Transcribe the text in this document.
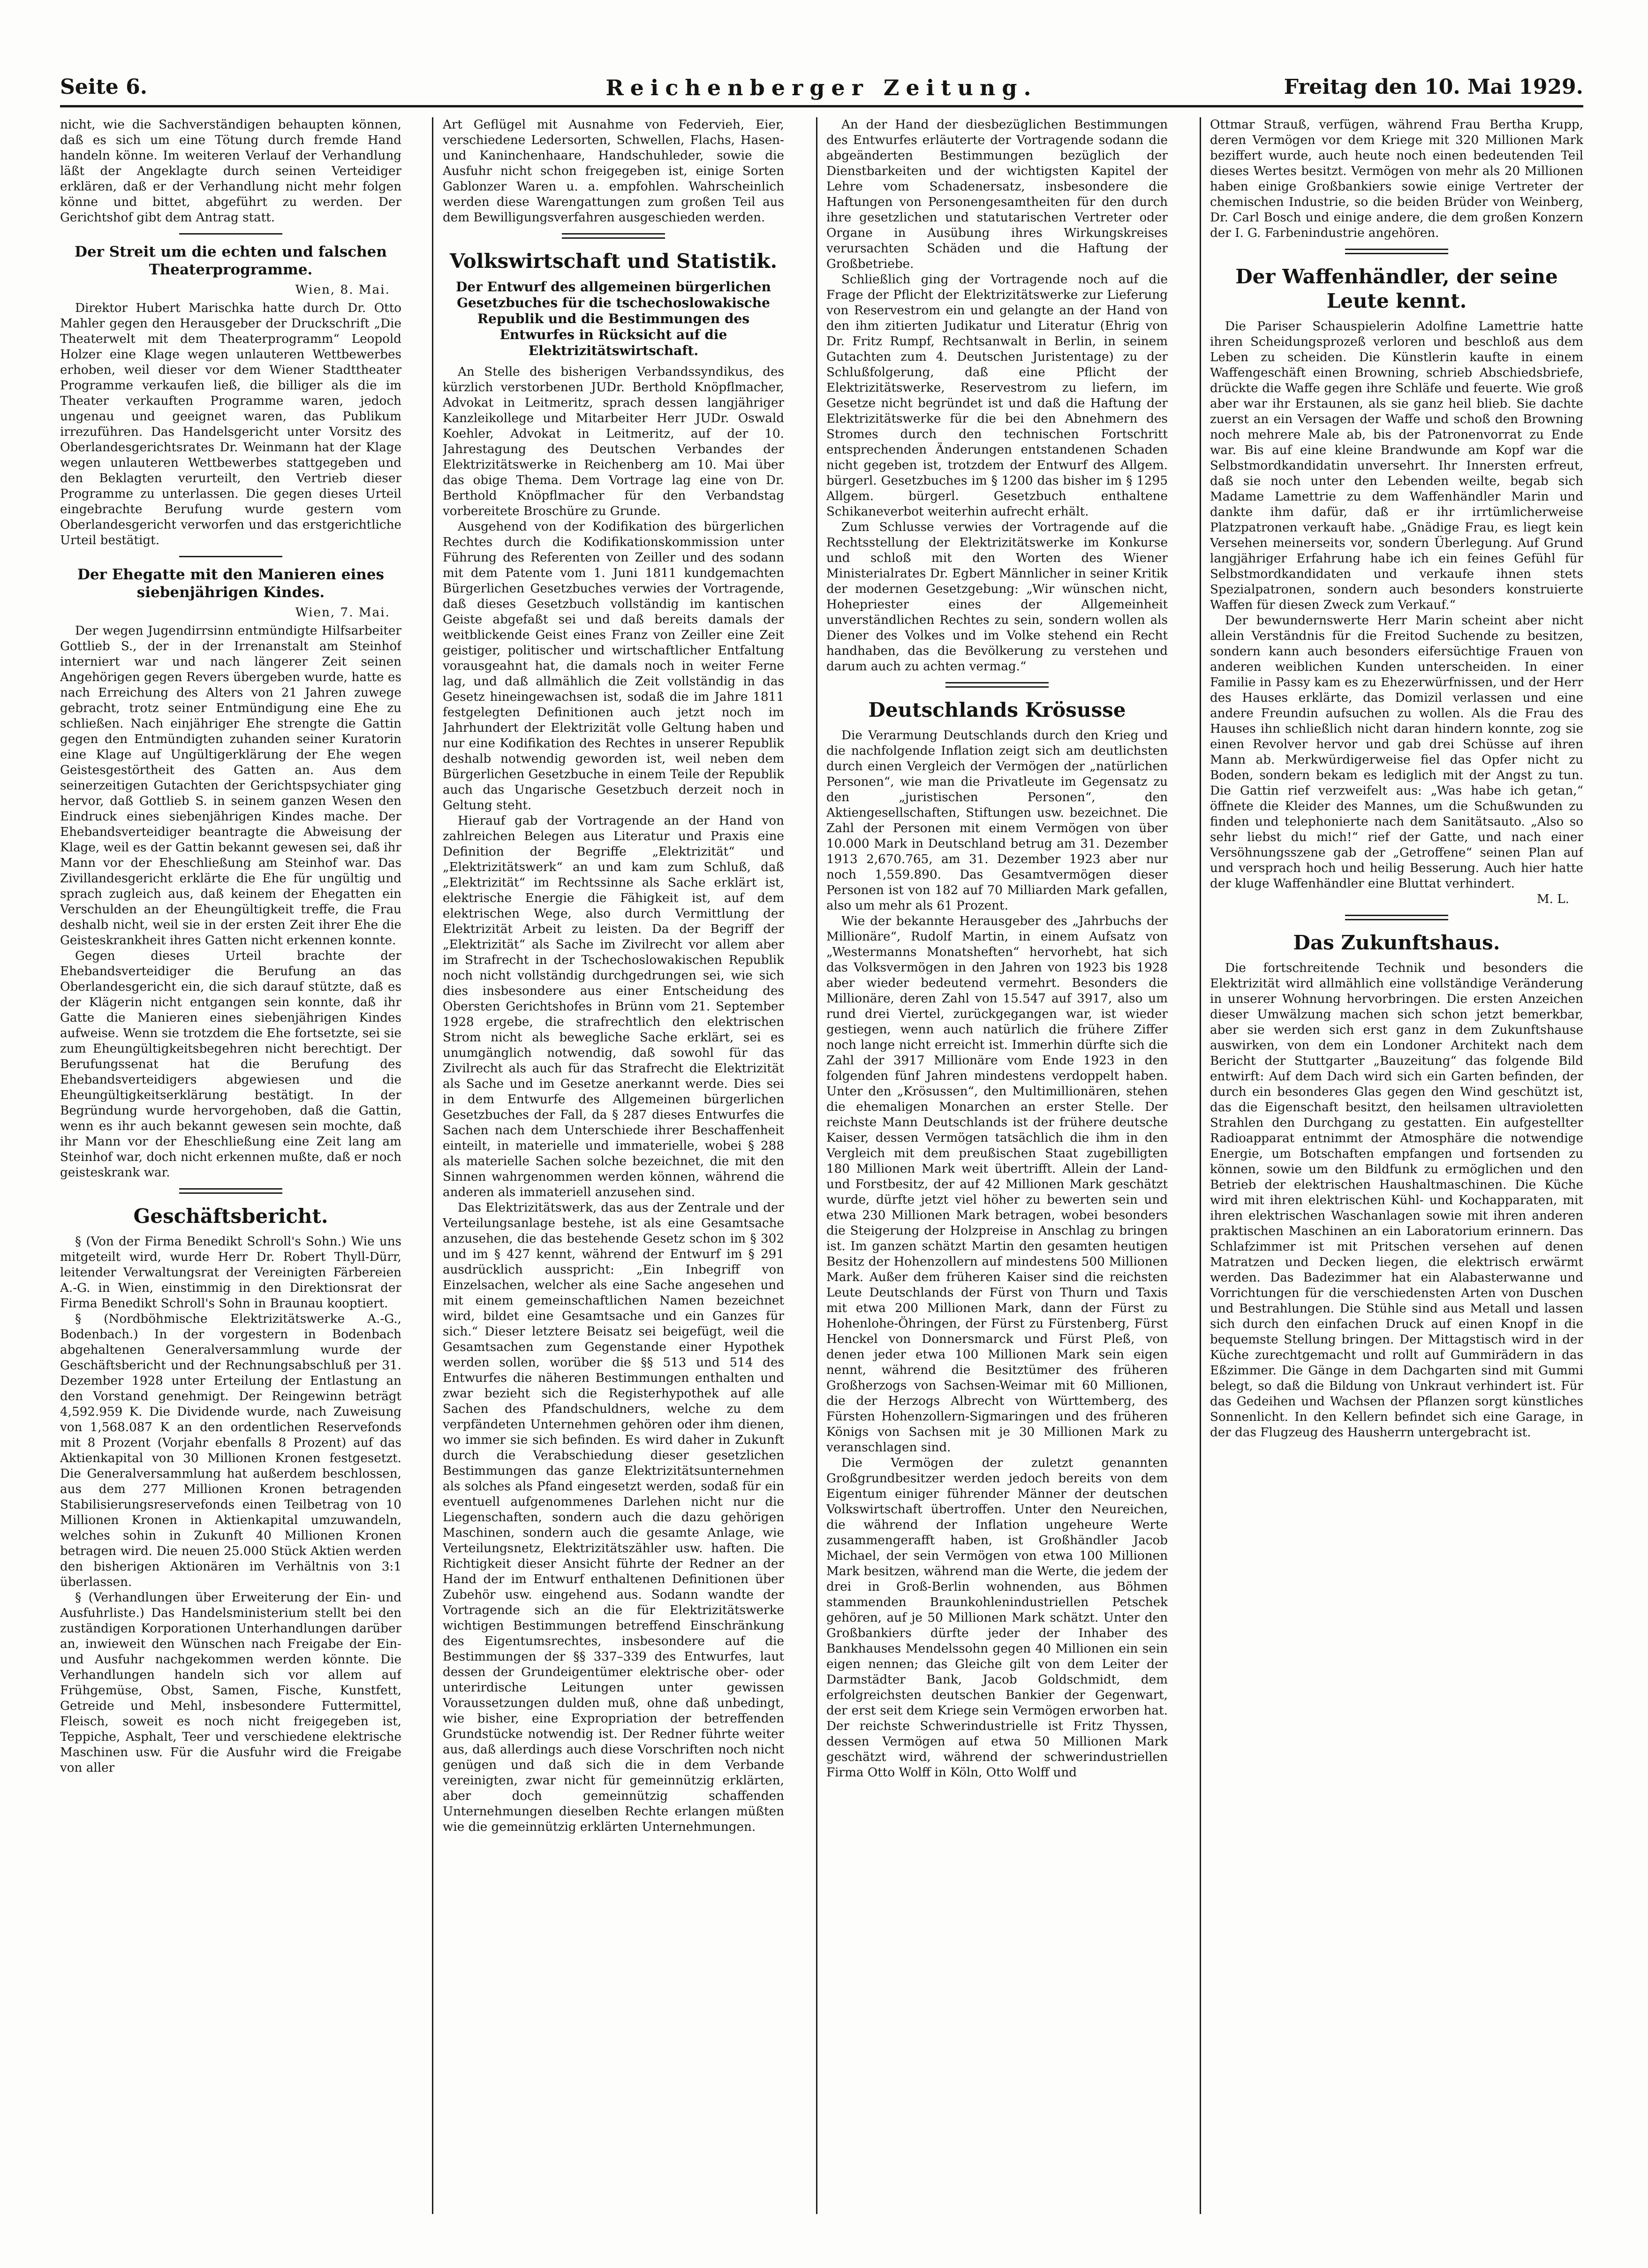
Seite 6.	Reichenberger Zeitung.	Freitag den 10. Mai 1929.

nicht, wie die Sachverständigen behaupten können, daß es sich um eine Tötung durch fremde Hand handeln könne. Im weiteren Verlauf der Verhandlung läßt der Angeklagte durch seinen Verteidiger erklären, daß er der Verhandlung nicht mehr folgen könne und bittet, abgeführt zu werden. Der Gerichtshof gibt dem Antrag statt.

Der Streit um die echten und falschen Theaterprogramme.
Wien, 8. Mai.

Direktor Hubert Marischka hatte durch Dr. Otto Mahler gegen den Herausgeber der Druckschrift „Die Theaterwelt mit dem Theaterprogramm“ Leopold Holzer eine Klage wegen unlauteren Wettbewerbes erhoben, weil dieser vor dem Wiener Stadttheater Programme verkaufen ließ, die billiger als die im Theater verkauften Programme waren, jedoch ungenau und geeignet waren, das Publikum irrezuführen. Das Handelsgericht unter Vorsitz des Oberlandesgerichtsrates Dr. Weinmann hat der Klage wegen unlauteren Wettbewerbes stattgegeben und den Beklagten verurteilt, den Vertrieb dieser Programme zu unterlassen. Die gegen dieses Urteil eingebrachte Berufung wurde gestern vom Oberlandesgericht verworfen und das erstgerichtliche Urteil bestätigt.

Der Ehegatte mit den Manieren eines siebenjährigen Kindes.
Wien, 7. Mai.

Der wegen Jugendirrsinn entmündigte Hilfsarbeiter Gottlieb S., der in der Irrenanstalt am Steinhof interniert war und nach längerer Zeit seinen Angehörigen gegen Revers übergeben wurde, hatte es nach Erreichung des Alters von 21 Jahren zuwege gebracht, trotz seiner Entmündigung eine Ehe zu schließen. Nach einjähriger Ehe strengte die Gattin gegen den Entmündigten zuhanden seiner Kuratorin eine Klage auf Ungültigerklärung der Ehe wegen Geistesgestörtheit des Gatten an. Aus dem seinerzeitigen Gutachten der Gerichtspsychiater ging hervor, daß Gottlieb S. in seinem ganzen Wesen den Eindruck eines siebenjährigen Kindes mache. Der Ehebandsverteidiger beantragte die Abweisung der Klage, weil es der Gattin bekannt gewesen sei, daß ihr Mann vor der Eheschließung am Steinhof war. Das Zivillandesgericht erklärte die Ehe für ungültig und sprach zugleich aus, daß keinem der Ehegatten ein Verschulden an der Eheungültigkeit treffe, die Frau deshalb nicht, weil sie in der ersten Zeit ihrer Ehe die Geisteskrankheit ihres Gatten nicht erkennen konnte.

Gegen dieses Urteil brachte der Ehebandsverteidiger die Berufung an das Oberlandesgericht ein, die sich darauf stützte, daß es der Klägerin nicht entgangen sein konnte, daß ihr Gatte die Manieren eines siebenjährigen Kindes aufweise. Wenn sie trotzdem die Ehe fortsetzte, sei sie zum Eheungültigkeitsbegehren nicht berechtigt. Der Berufungssenat hat die Berufung des Ehebandsverteidigers abgewiesen und die Eheungültigkeitserklärung bestätigt. In der Begründung wurde hervorgehoben, daß die Gattin, wenn es ihr auch bekannt gewesen sein mochte, daß ihr Mann vor der Eheschließung eine Zeit lang am Steinhof war, doch nicht erkennen mußte, daß er noch geisteskrank war.

Geschäftsbericht.

§ (Von der Firma Benedikt Schroll's Sohn.) Wie uns mitgeteilt wird, wurde Herr Dr. Robert Thyll-Dürr, leitender Verwaltungsrat der Vereinigten Färbereien A.-G. in Wien, einstimmig in den Direktionsrat der Firma Benedikt Schroll's Sohn in Braunau kooptiert.

§ (Nordböhmische Elektrizitätswerke A.-G., Bodenbach.) In der vorgestern in Bodenbach abgehaltenen Generalversammlung wurde der Geschäftsbericht und der Rechnungsabschluß per 31. Dezember 1928 unter Erteilung der Entlastung an den Vorstand genehmigt. Der Reingewinn beträgt 4,592.959 K. Die Dividende wurde, nach Zuweisung von 1,568.087 K an den ordentlichen Reservefonds mit 8 Prozent (Vorjahr ebenfalls 8 Prozent) auf das Aktienkapital von 30 Millionen Kronen festgesetzt. Die Generalversammlung hat außerdem beschlossen, aus dem 277 Millionen Kronen betragenden Stabilisierungsreservefonds einen Teilbetrag von 10 Millionen Kronen in Aktienkapital umzuwandeln, welches sohin in Zukunft 40 Millionen Kronen betragen wird. Die neuen 25.000 Stück Aktien werden den bisherigen Aktionären im Verhältnis von 3:1 überlassen.

§ (Verhandlungen über Erweiterung der Ein- und Ausfuhrliste.) Das Handelsministerium stellt bei den zuständigen Korporationen Unterhandlungen darüber an, inwieweit den Wünschen nach Freigabe der Ein- und Ausfuhr nachgekommen werden könnte. Die Verhandlungen handeln sich vor allem auf Frühgemüse, Obst, Samen, Fische, Kunstfett, Getreide und Mehl, insbesondere Futtermittel, Fleisch, soweit es noch nicht freigegeben ist, Teppiche, Asphalt, Teer und verschiedene elektrische Maschinen usw. Für die Ausfuhr wird die Freigabe von aller

Art Geflügel mit Ausnahme von Federvieh, Eier, verschiedene Ledersorten, Schwellen, Flachs, Hasen- und Kaninchenhaare, Handschuhleder, sowie die Ausfuhr nicht schon freigegeben ist, einige Sorten Gablonzer Waren u. a. empfohlen. Wahrscheinlich werden diese Warengattungen zum großen Teil aus dem Bewilligungsverfahren ausgeschieden werden.

Volkswirtschaft und Statistik.
Der Entwurf des allgemeinen bürgerlichen Gesetzbuches für die tschechoslowakische Republik und die Bestimmungen des Entwurfes in Rücksicht auf die Elektrizitätswirtschaft.

An Stelle des bisherigen Verbandssyndikus, des kürzlich verstorbenen JUDr. Berthold Knöpflmacher, Advokat in Leitmeritz, sprach dessen langjähriger Kanzleikollege und Mitarbeiter Herr JUDr. Oswald Koehler, Advokat in Leitmeritz, auf der 10. Jahrestagung des Deutschen Verbandes der Elektrizitätswerke in Reichenberg am 10. Mai über das obige Thema. Dem Vortrage lag eine von Dr. Berthold Knöpflmacher für den Verbandstag vorbereitete Broschüre zu Grunde.

Ausgehend von der Kodifikation des bürgerlichen Rechtes durch die Kodifikationskommission unter Führung des Referenten von Zeiller und des sodann mit dem Patente vom 1. Juni 1811 kundgemachten Bürgerlichen Gesetzbuches verwies der Vortragende, daß dieses Gesetzbuch vollständig im kantischen Geiste abgefaßt sei und daß bereits damals der weitblickende Geist eines Franz von Zeiller eine Zeit geistiger, politischer und wirtschaftlicher Entfaltung vorausgeahnt hat, die damals noch in weiter Ferne lag, und daß allmählich die Zeit vollständig in das Gesetz hineingewachsen ist, sodaß die im Jahre 1811 festgelegten Definitionen auch jetzt noch im Jahrhundert der Elektrizität volle Geltung haben und nur eine Kodifikation des Rechtes in unserer Republik deshalb notwendig geworden ist, weil neben dem Bürgerlichen Gesetzbuche in einem Teile der Republik auch das Ungarische Gesetzbuch derzeit noch in Geltung steht.

Hierauf gab der Vortragende an der Hand von zahlreichen Belegen aus Literatur und Praxis eine Definition der Begriffe „Elektrizität“ und „Elektrizitätswerk“ an und kam zum Schluß, daß „Elektrizität“ im Rechtssinne als Sache erklärt ist, elektrische Energie die Fähigkeit ist, auf dem elektrischen Wege, also durch Vermittlung der Elektrizität Arbeit zu leisten. Da der Begriff der „Elektrizität“ als Sache im Zivilrecht vor allem aber im Strafrecht in der Tschechoslowakischen Republik noch nicht vollständig durchgedrungen sei, wie sich dies insbesondere aus einer Entscheidung des Obersten Gerichtshofes in Brünn vom 21. September 1928 ergebe, die strafrechtlich den elektrischen Strom nicht als bewegliche Sache erklärt, sei es unumgänglich notwendig, daß sowohl für das Zivilrecht als auch für das Strafrecht die Elektrizität als Sache und im Gesetze anerkannt werde. Dies sei in dem Entwurfe des Allgemeinen bürgerlichen Gesetzbuches der Fall, da § 287 dieses Entwurfes die Sachen nach dem Unterschiede ihrer Beschaffenheit einteilt, in materielle und immaterielle, wobei § 288 als materielle Sachen solche bezeichnet, die mit den Sinnen wahrgenommen werden können, während die anderen als immateriell anzusehen sind.

Das Elektrizitätswerk, das aus der Zentrale und der Verteilungsanlage bestehe, ist als eine Gesamtsache anzusehen, die das bestehende Gesetz schon im § 302 und im § 427 kennt, während der Entwurf im § 291 ausdrücklich ausspricht: „Ein Inbegriff von Einzelsachen, welcher als eine Sache angesehen und mit einem gemeinschaftlichen Namen bezeichnet wird, bildet eine Gesamtsache und ein Ganzes für sich.“ Dieser letztere Beisatz sei beigefügt, weil die Gesamtsachen zum Gegenstande einer Hypothek werden sollen, worüber die §§ 513 und 514 des Entwurfes die näheren Bestimmungen enthalten und zwar bezieht sich die Registerhypothek auf alle Sachen des Pfandschuldners, welche zu dem verpfändeten Unternehmen gehören oder ihm dienen, wo immer sie sich befinden. Es wird daher in Zukunft durch die Verabschiedung dieser gesetzlichen Bestimmungen das ganze Elektrizitätsunternehmen als solches als Pfand eingesetzt werden, sodaß für ein eventuell aufgenommenes Darlehen nicht nur die Liegenschaften, sondern auch die dazu gehörigen Maschinen, sondern auch die gesamte Anlage, wie Verteilungsnetz, Elektrizitätszähler usw. haften. Die Richtigkeit dieser Ansicht führte der Redner an der Hand der im Entwurf enthaltenen Definitionen über Zubehör usw. eingehend aus. Sodann wandte der Vortragende sich an die für Elektrizitätswerke wichtigen Bestimmungen betreffend Einschränkung des Eigentumsrechtes, insbesondere auf die Bestimmungen der §§ 337–339 des Entwurfes, laut dessen der Grundeigentümer elektrische ober- oder unterirdische Leitungen unter gewissen Voraussetzungen dulden muß, ohne daß unbedingt, wie bisher, eine Expropriation der betreffenden Grundstücke notwendig ist. Der Redner führte weiter aus, daß allerdings auch diese Vorschriften noch nicht genügen und daß sich die in dem Verbande vereinigten, zwar nicht für gemeinnützig erklärten, aber doch gemeinnützig schaffenden Unternehmungen dieselben Rechte erlangen müßten wie die gemeinnützig erklärten Unternehmungen.

An der Hand der diesbezüglichen Bestimmungen des Entwurfes erläuterte der Vortragende sodann die abgeänderten Bestimmungen bezüglich der Dienstbarkeiten und der wichtigsten Kapitel der Lehre vom Schadenersatz, insbesondere die Haftungen von Personengesamtheiten für den durch ihre gesetzlichen und statutarischen Vertreter oder Organe in Ausübung ihres Wirkungskreises verursachten Schäden und die Haftung der Großbetriebe.

Schließlich ging der Vortragende noch auf die Frage der Pflicht der Elektrizitätswerke zur Lieferung von Reservestrom ein und gelangte an der Hand von den ihm zitierten Judikatur und Literatur (Ehrig von Dr. Fritz Rumpf, Rechtsanwalt in Berlin, in seinem Gutachten zum 4. Deutschen Juristentage) zu der Schlußfolgerung, daß eine Pflicht der Elektrizitätswerke, Reservestrom zu liefern, im Gesetze nicht begründet ist und daß die Haftung der Elektrizitätswerke für die bei den Abnehmern des Stromes durch den technischen Fortschritt entsprechenden Änderungen entstandenen Schaden nicht gegeben ist, trotzdem der Entwurf des Allgem. bürgerl. Gesetzbuches im § 1200 das bisher im § 1295 Allgem. bürgerl. Gesetzbuch enthaltene Schikaneverbot weiterhin aufrecht erhält.

Zum Schlusse verwies der Vortragende auf die Rechtsstellung der Elektrizitätswerke im Konkurse und schloß mit den Worten des Wiener Ministerialrates Dr. Egbert Männlicher in seiner Kritik der modernen Gesetzgebung: „Wir wünschen nicht, Hohepriester eines der Allgemeinheit unverständlichen Rechtes zu sein, sondern wollen als Diener des Volkes und im Volke stehend ein Recht handhaben, das die Bevölkerung zu verstehen und darum auch zu achten vermag.“

Deutschlands Krösusse

Die Verarmung Deutschlands durch den Krieg und die nachfolgende Inflation zeigt sich am deutlichsten durch einen Vergleich der Vermögen der „natürlichen Personen“, wie man die Privatleute im Gegensatz zu den „juristischen Personen“, den Aktiengesellschaften, Stiftungen usw. bezeichnet. Die Zahl der Personen mit einem Vermögen von über 10.000 Mark in Deutschland betrug am 31. Dezember 1913 2,670.765, am 31. Dezember 1923 aber nur noch 1,559.890. Das Gesamtvermögen dieser Personen ist von 182 auf 70 Milliarden Mark gefallen, also um mehr als 61 Prozent.

Wie der bekannte Herausgeber des „Jahrbuchs der Millionäre“, Rudolf Martin, in einem Aufsatz von „Westermanns Monatsheften“ hervorhebt, hat sich das Volksvermögen in den Jahren von 1923 bis 1928 aber wieder bedeutend vermehrt. Besonders die Millionäre, deren Zahl von 15.547 auf 3917, also um rund drei Viertel, zurückgegangen war, ist wieder gestiegen, wenn auch natürlich die frühere Ziffer noch lange nicht erreicht ist. Immerhin dürfte sich die Zahl der 3917 Millionäre vom Ende 1923 in den folgenden fünf Jahren mindestens verdoppelt haben. Unter den „Krösussen“, den Multimillionären, stehen die ehemaligen Monarchen an erster Stelle. Der reichste Mann Deutschlands ist der frühere deutsche Kaiser, dessen Vermögen tatsächlich die ihm in den Vergleich mit dem preußischen Staat zugebilligten 180 Millionen Mark weit übertrifft. Allein der Land- und Forstbesitz, der auf 42 Millionen Mark geschätzt wurde, dürfte jetzt viel höher zu bewerten sein und etwa 230 Millionen Mark betragen, wobei besonders die Steigerung der Holzpreise in Anschlag zu bringen ist. Im ganzen schätzt Martin den gesamten heutigen Besitz der Hohenzollern auf mindestens 500 Millionen Mark. Außer dem früheren Kaiser sind die reichsten Leute Deutschlands der Fürst von Thurn und Taxis mit etwa 200 Millionen Mark, dann der Fürst zu Hohenlohe-Öhringen, der Fürst zu Fürstenberg, Fürst Henckel von Donnersmarck und Fürst Pleß, von denen jeder etwa 100 Millionen Mark sein eigen nennt, während die Besitztümer des früheren Großherzogs von Sachsen-Weimar mit 60 Millionen, die der Herzogs Albrecht von Württemberg, des Fürsten Hohenzollern-Sigmaringen und des früheren Königs von Sachsen mit je 30 Millionen Mark zu veranschlagen sind.

Die Vermögen der zuletzt genannten Großgrundbesitzer werden jedoch bereits von dem Eigentum einiger führender Männer der deutschen Volkswirtschaft übertroffen. Unter den Neureichen, die während der Inflation ungeheure Werte zusammengerafft haben, ist Großhändler Jacob Michael, der sein Vermögen von etwa 100 Millionen Mark besitzen, während man die Werte, die jedem der drei in Groß-Berlin wohnenden, aus Böhmen stammenden Braunkohlenindustriellen Petschek gehören, auf je 50 Millionen Mark schätzt. Unter den Großbankiers dürfte jeder der Inhaber des Bankhauses Mendelssohn gegen 40 Millionen ein sein eigen nennen; das Gleiche gilt von dem Leiter der Darmstädter Bank, Jacob Goldschmidt, dem erfolgreichsten deutschen Bankier der Gegenwart, der erst seit dem Kriege sein Vermögen erworben hat. Der reichste Schwerindustrielle ist Fritz Thyssen, dessen Vermögen auf etwa 50 Millionen Mark geschätzt wird, während der schwerindustriellen Firma Otto Wolff in Köln, Otto Wolff und

Ottmar Strauß, verfügen, während Frau Bertha Krupp, deren Vermögen vor dem Kriege mit 320 Millionen Mark beziffert wurde, auch heute noch einen bedeutenden Teil dieses Wertes besitzt. Vermögen von mehr als 20 Millionen haben einige Großbankiers sowie einige Vertreter der chemischen Industrie, so die beiden Brüder von Weinberg, Dr. Carl Bosch und einige andere, die dem großen Konzern der I. G. Farbenindustrie angehören.

Der Waffenhändler, der seine Leute kennt.

Die Pariser Schauspielerin Adolfine Lamettrie hatte ihren Scheidungsprozeß verloren und beschloß aus dem Leben zu scheiden. Die Künstlerin kaufte in einem Waffengeschäft einen Browning, schrieb Abschiedsbriefe, drückte die Waffe gegen ihre Schläfe und feuerte. Wie groß aber war ihr Erstaunen, als sie ganz heil blieb. Sie dachte zuerst an ein Versagen der Waffe und schoß den Browning noch mehrere Male ab, bis der Patronenvorrat zu Ende war. Bis auf eine kleine Brandwunde am Kopf war die Selbstmordkandidatin unversehrt. Ihr Innersten erfreut, daß sie noch unter den Lebenden weilte, begab sich Madame Lamettrie zu dem Waffenhändler Marin und dankte ihm dafür, daß er ihr irrtümlicherweise Platzpatronen verkauft habe. „Gnädige Frau, es liegt kein Versehen meinerseits vor, sondern Überlegung. Auf Grund langjähriger Erfahrung habe ich ein feines Gefühl für Selbstmordkandidaten und verkaufe ihnen stets Spezialpatronen, sondern auch besonders konstruierte Waffen für diesen Zweck zum Verkauf.“

Der bewundernswerte Herr Marin scheint aber nicht allein Verständnis für die Freitod Suchende zu besitzen, sondern kann auch besonders eifersüchtige Frauen von anderen weiblichen Kunden unterscheiden. In einer Familie in Passy kam es zu Ehezerwürfnissen, und der Herr des Hauses erklärte, das Domizil verlassen und eine andere Freundin aufsuchen zu wollen. Als die Frau des Hauses ihn schließlich nicht daran hindern konnte, zog sie einen Revolver hervor und gab drei Schüsse auf ihren Mann ab. Merkwürdigerweise fiel das Opfer nicht zu Boden, sondern bekam es lediglich mit der Angst zu tun. Die Gattin rief verzweifelt aus: „Was habe ich getan,“ öffnete die Kleider des Mannes, um die Schußwunden zu finden und telephonierte nach dem Sanitätsauto. „Also so sehr liebst du mich!“ rief der Gatte, und nach einer Versöhnungsszene gab der „Getroffene“ seinen Plan auf und versprach hoch und heilig Besserung. Auch hier hatte der kluge Waffenhändler eine Bluttat verhindert.

M. L.
Das Zukunftshaus.

Die fortschreitende Technik und besonders die Elektrizität wird allmählich eine vollständige Veränderung in unserer Wohnung hervorbringen. Die ersten Anzeichen dieser Umwälzung machen sich schon jetzt bemerkbar, aber sie werden sich erst ganz in dem Zukunftshause auswirken, von dem ein Londoner Architekt nach dem Bericht der Stuttgarter „Bauzeitung“ das folgende Bild entwirft: Auf dem Dach wird sich ein Garten befinden, der durch ein besonderes Glas gegen den Wind geschützt ist, das die Eigenschaft besitzt, den heilsamen ultravioletten Strahlen den Durchgang zu gestatten. Ein aufgestellter Radioapparat entnimmt der Atmosphäre die notwendige Energie, um Botschaften empfangen und fortsenden zu können, sowie um den Bildfunk zu ermöglichen und den Betrieb der elektrischen Haushaltmaschinen. Die Küche wird mit ihren elektrischen Kühl- und Kochapparaten, mit ihren elektrischen Waschanlagen sowie mit ihren anderen praktischen Maschinen an ein Laboratorium erinnern. Das Schlafzimmer ist mit Pritschen versehen auf denen Matratzen und Decken liegen, die elektrisch erwärmt werden. Das Badezimmer hat ein Alabasterwanne und Vorrichtungen für die verschiedensten Arten von Duschen und Bestrahlungen. Die Stühle sind aus Metall und lassen sich durch den einfachen Druck auf einen Knopf in die bequemste Stellung bringen. Der Mittagstisch wird in der Küche zurechtgemacht und rollt auf Gummirädern in das Eßzimmer. Die Gänge in dem Dachgarten sind mit Gummi belegt, so daß die Bildung von Unkraut verhindert ist. Für das Gedeihen und Wachsen der Pflanzen sorgt künstliches Sonnenlicht. In den Kellern befindet sich eine Garage, in der das Flugzeug des Hausherrn untergebracht ist.
